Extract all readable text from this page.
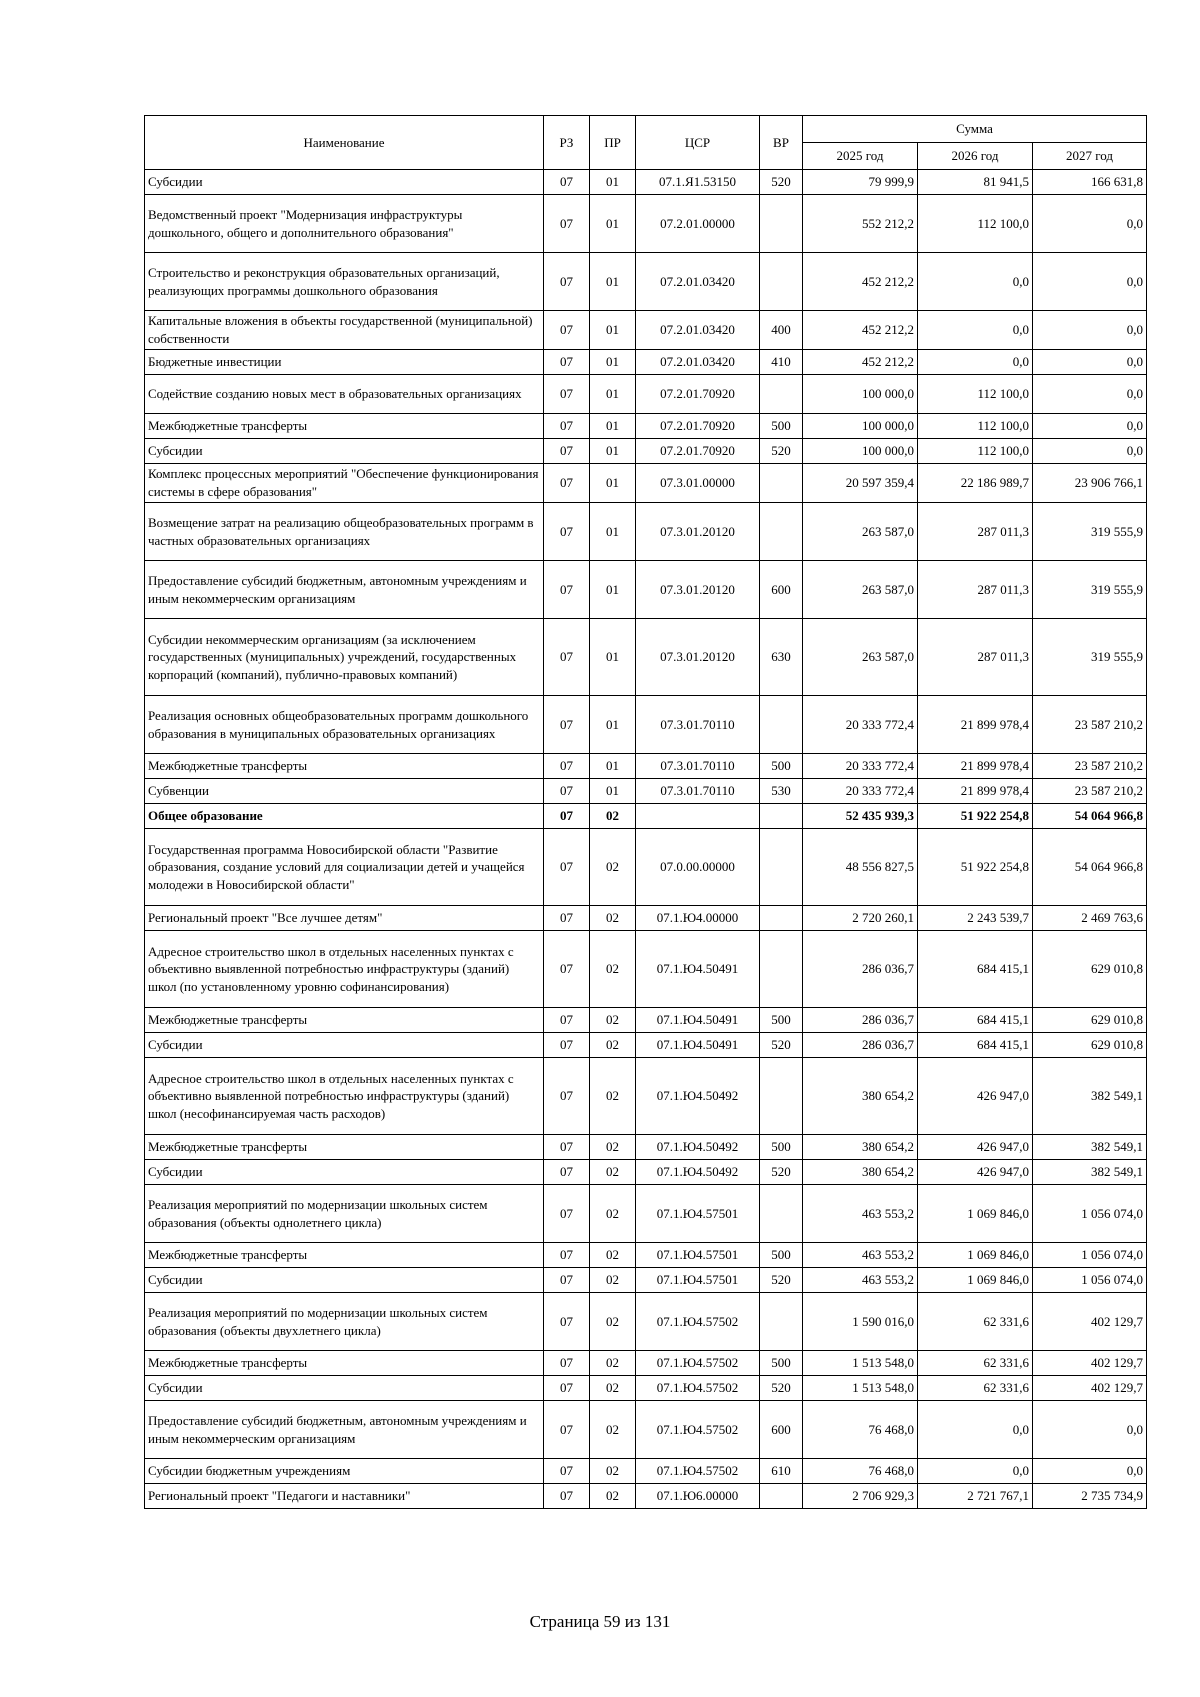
Наименование	РЗ	ПР	ЦСР	ВР	Сумма		
					2025 год	2026 год	2027 год
Субсидии	07	01	07.1.Я1.53150	520	79 999,9	81 941,5	166 631,8
Ведомственный проект "Модернизация инфраструктуры дошкольного, общего и дополнительного образования"	07	01	07.2.01.00000		552 212,2	112 100,0	0,0
Строительство и реконструкция образовательных организаций, реализующих программы дошкольного образования	07	01	07.2.01.03420		452 212,2	0,0	0,0
Капитальные вложения в объекты государственной (муниципальной) собственности	07	01	07.2.01.03420	400	452 212,2	0,0	0,0
Бюджетные инвестиции	07	01	07.2.01.03420	410	452 212,2	0,0	0,0
Содействие созданию новых мест в образовательных организациях	07	01	07.2.01.70920		100 000,0	112 100,0	0,0
Межбюджетные трансферты	07	01	07.2.01.70920	500	100 000,0	112 100,0	0,0
Субсидии	07	01	07.2.01.70920	520	100 000,0	112 100,0	0,0
Комплекс процессных мероприятий "Обеспечение функционирования системы в сфере образования"	07	01	07.3.01.00000		20 597 359,4	22 186 989,7	23 906 766,1
Возмещение затрат на реализацию общеобразовательных программ в частных образовательных организациях	07	01	07.3.01.20120		263 587,0	287 011,3	319 555,9
Предоставление субсидий бюджетным, автономным учреждениям и иным некоммерческим организациям	07	01	07.3.01.20120	600	263 587,0	287 011,3	319 555,9
Субсидии некоммерческим организациям (за исключением государственных (муниципальных) учреждений, государственных корпораций (компаний), публично-правовых компаний)	07	01	07.3.01.20120	630	263 587,0	287 011,3	319 555,9
Реализация основных общеобразовательных программ дошкольного образования в муниципальных образовательных организациях	07	01	07.3.01.70110		20 333 772,4	21 899 978,4	23 587 210,2
Межбюджетные трансферты	07	01	07.3.01.70110	500	20 333 772,4	21 899 978,4	23 587 210,2
Субвенции	07	01	07.3.01.70110	530	20 333 772,4	21 899 978,4	23 587 210,2
Общее образование	07	02			52 435 939,3	51 922 254,8	54 064 966,8
Государственная программа Новосибирской области "Развитие образования, создание условий для социализации детей и учащейся молодежи в Новосибирской области"	07	02	07.0.00.00000		48 556 827,5	51 922 254,8	54 064 966,8
Региональный проект "Все лучшее детям"	07	02	07.1.Ю4.00000		2 720 260,1	2 243 539,7	2 469 763,6
Адресное строительство школ в отдельных населенных пунктах с объективно выявленной потребностью инфраструктуры (зданий) школ (по установленному уровню софинансирования)	07	02	07.1.Ю4.50491		286 036,7	684 415,1	629 010,8
Межбюджетные трансферты	07	02	07.1.Ю4.50491	500	286 036,7	684 415,1	629 010,8
Субсидии	07	02	07.1.Ю4.50491	520	286 036,7	684 415,1	629 010,8
Адресное строительство школ в отдельных населенных пунктах с объективно выявленной потребностью инфраструктуры (зданий) школ (несофинансируемая часть расходов)	07	02	07.1.Ю4.50492		380 654,2	426 947,0	382 549,1
Межбюджетные трансферты	07	02	07.1.Ю4.50492	500	380 654,2	426 947,0	382 549,1
Субсидии	07	02	07.1.Ю4.50492	520	380 654,2	426 947,0	382 549,1
Реализация мероприятий по модернизации школьных систем образования (объекты однолетнего цикла)	07	02	07.1.Ю4.57501		463 553,2	1 069 846,0	1 056 074,0
Межбюджетные трансферты	07	02	07.1.Ю4.57501	500	463 553,2	1 069 846,0	1 056 074,0
Субсидии	07	02	07.1.Ю4.57501	520	463 553,2	1 069 846,0	1 056 074,0
Реализация мероприятий по модернизации школьных систем образования (объекты двухлетнего цикла)	07	02	07.1.Ю4.57502		1 590 016,0	62 331,6	402 129,7
Межбюджетные трансферты	07	02	07.1.Ю4.57502	500	1 513 548,0	62 331,6	402 129,7
Субсидии	07	02	07.1.Ю4.57502	520	1 513 548,0	62 331,6	402 129,7
Предоставление субсидий бюджетным, автономным учреждениям и иным некоммерческим организациям	07	02	07.1.Ю4.57502	600	76 468,0	0,0	0,0
Субсидии бюджетным учреждениям	07	02	07.1.Ю4.57502	610	76 468,0	0,0	0,0
Региональный проект "Педагоги и наставники"	07	02	07.1.Ю6.00000		2 706 929,3	2 721 767,1	2 735 734,9
Страница 59 из 131
